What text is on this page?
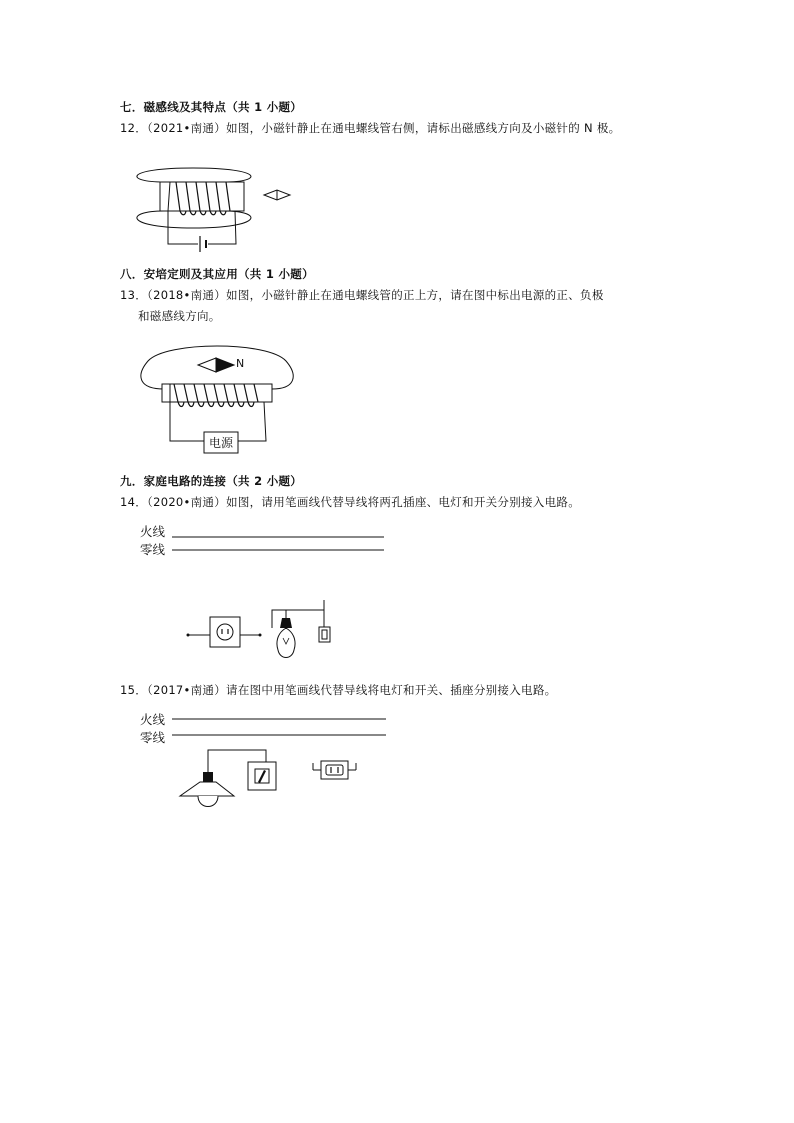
七．磁感线及其特点（共 1 小题）
12．（2021•南通）如图，小磁针静止在通电螺线管右侧，请标出磁感线方向及小磁针的 N 极。
八．安培定则及其应用（共 1 小题）
13．（2018•南通）如图，小磁针静止在通电螺线管的正上方，请在图中标出电源的正、负极
和磁感线方向。
N
电源
九．家庭电路的连接（共 2 小题）
14．（2020•南通）如图，请用笔画线代替导线将两孔插座、电灯和开关分别接入电路。
火线
零线
15．（2017•南通）请在图中用笔画线代替导线将电灯和开关、插座分别接入电路。
火线
零线
